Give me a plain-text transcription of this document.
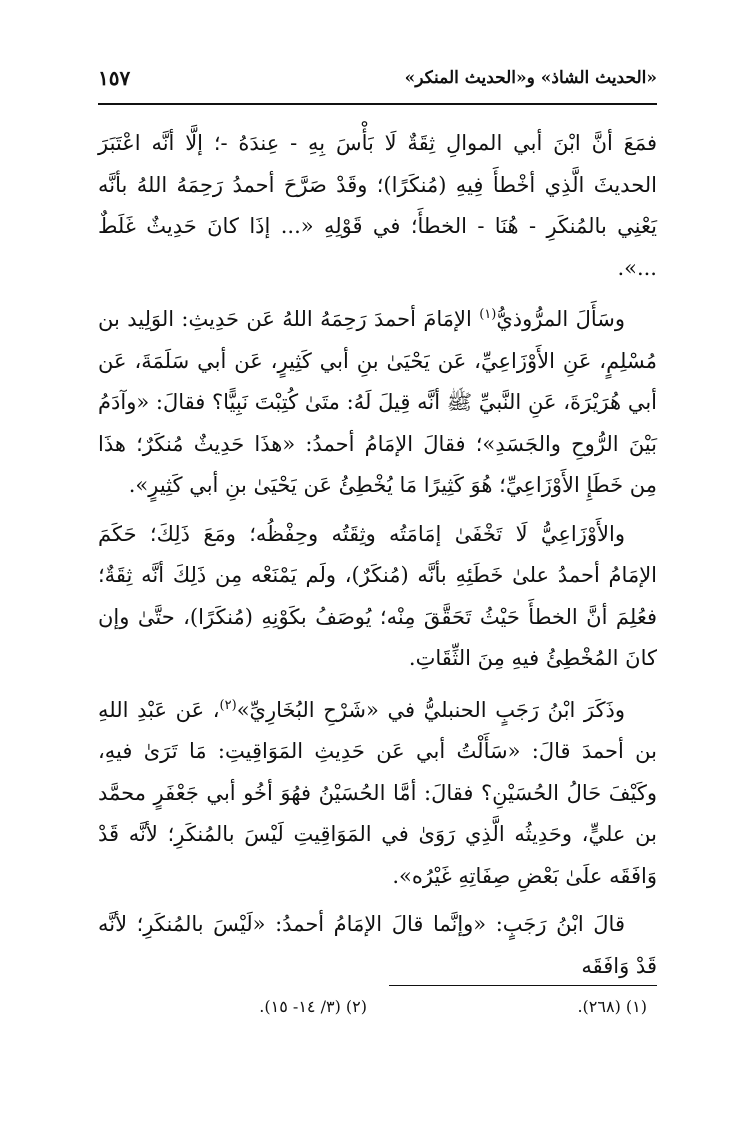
«الحديث الشاذ» و«الحديث المنكر»
١٥٧

فمَعَ أنَّ ابْنَ أبي الموالِ ثِقَةٌ لَا بَأْسَ بِهِ - عِندَهُ -؛ إلَّا أنَّه اعْتَبَرَ الحديثَ الَّذِي أخْطأَ فِيهِ (مُنكَرًا)؛ وقَدْ صَرَّحَ أحمدُ رَحِمَهُ اللهُ بأنَّه يَعْنِي بالمُنكَرِ - هُنَا - الخطأَ؛ في قَوْلِهِ «... إذَا كانَ حَدِيثٌ غَلَطٌ ...».

وسَأَلَ المرُّوذيُّ$^{(١)}$ الإمَامَ أحمدَ رَحِمَهُ اللهُ عَن حَدِيثِ: الوَلِيد بن مُسْلِمٍ، عَنِ الأَوْزَاعِيِّ، عَن يَحْيَىٰ بنِ أبي كَثِيرٍ، عَن أبي سَلَمَةَ، عَن أبي هُرَيْرَةَ، عَنِ النَّبيِّ ﷺ أنَّه قِيلَ لَهُ: متَىٰ كُتِبْتَ نَبِيًّا؟ فقالَ: «وآدَمُ بَيْنَ الرُّوحِ والجَسَدِ»؛ فقالَ الإمَامُ أحمدُ: «هذَا حَدِيثٌ مُنكَرٌ؛ هذَا مِن خَطَإِ الأَوْزَاعِيِّ؛ هُوَ كَثِيرًا مَا يُخْطِئُ عَن يَحْيَىٰ بنِ أبي كَثِيرٍ».

والأَوْزَاعِيُّ لَا تَخْفَىٰ إمَامَتُه وثِقَتُه وحِفْظُه؛ ومَعَ ذَلِكَ؛ حَكَمَ الإمَامُ أحمدُ علىٰ خَطَئِهِ بأنَّه (مُنكَرٌ)، ولَم يَمْنَعْه مِن ذَلِكَ أنَّه ثِقَةٌ؛ فعُلِمَ أنَّ الخطأَ حَيْثُ تَحَقَّقَ مِنْه؛ يُوصَفُ بكَوْنِهِ (مُنكَرًا)، حتَّىٰ وإن كانَ المُخْطِئُ فيهِ مِنَ الثِّقَاتِ.

وذَكَرَ ابْنُ رَجَبٍ الحنبليُّ في «شَرْحِ البُخَارِيِّ»$^{(٢)}$، عَن عَبْدِ اللهِ بن أحمدَ قالَ: «سَأَلْتُ أبي عَن حَدِيثِ المَوَاقِيتِ: مَا تَرَىٰ فيهِ، وكَيْفَ حَالُ الحُسَيْنِ؟ فقالَ: أمَّا الحُسَيْنُ فهُوَ أخُو أبي جَعْفَرٍ محمَّد بن عليٍّ، وحَدِيثُه الَّذِي رَوَىٰ في المَوَاقِيتِ لَيْسَ بالمُنكَرِ؛ لأنَّه قَدْ وَافَقَه علَىٰ بَعْضِ صِفَاتِهِ غَيْرُه».

قالَ ابْنُ رَجَبٍ: «وإنَّما قالَ الإمَامُ أحمدُ: «لَيْسَ بالمُنكَرِ؛ لأنَّه قَدْ وَافَقَه

(١) (٢٦٨).
(٢) (٣/ ١٤- ١٥).
